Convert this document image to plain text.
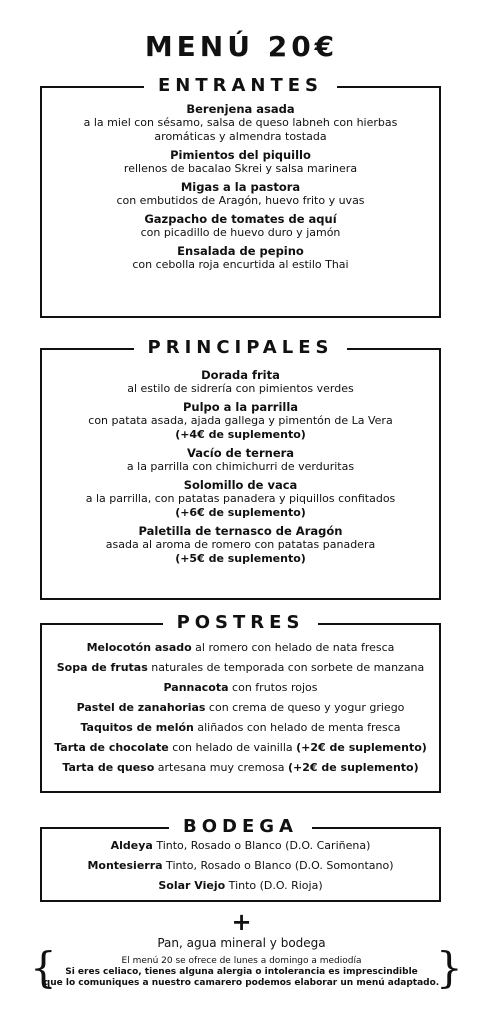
MENÚ 20€
ENTRANTES
Berenjena asada
a la miel con sésamo, salsa de queso labneh con hierbas aromáticas y almendra tostada
Pimientos del piquillo
rellenos de bacalao Skrei y salsa marinera
Migas a la pastora
con embutidos de Aragón, huevo frito y uvas
Gazpacho de tomates de aquí
con picadillo de huevo duro y jamón
Ensalada de pepino
con cebolla roja encurtida al estilo Thai
PRINCIPALES
Dorada frita
al estilo de sidrería con pimientos verdes
Pulpo a la parrilla
con patata asada, ajada gallega y pimentón de La Vera
(+4€ de suplemento)
Vacío de ternera
a la parrilla con chimichurri de verduritas
Solomillo de vaca
a la parrilla, con patatas panadera y piquillos confitados
(+6€ de suplemento)
Paletilla de ternasco de Aragón
asada al aroma de romero con patatas panadera
(+5€ de suplemento)
POSTRES
Melocotón asado al romero con helado de nata fresca
Sopa de frutas naturales de temporada con sorbete de manzana
Pannacota con frutos rojos
Pastel de zanahorias con crema de queso y yogur griego
Taquitos de melón aliñados con helado de menta fresca
Tarta de chocolate con helado de vainilla (+2€ de suplemento)
Tarta de queso artesana muy cremosa (+2€ de suplemento)
BODEGA
Aldeya Tinto, Rosado o Blanco (D.O. Cariñena)
Montesierra Tinto, Rosado o Blanco (D.O. Somontano)
Solar Viejo Tinto (D.O. Rioja)
+
Pan, agua mineral y bodega
{	}
El menú 20 se ofrece de lunes a domingo a mediodía
Si eres celiaco, tienes alguna alergia o intolerancia es imprescindible
que lo comuniques a nuestro camarero podemos elaborar un menú adaptado.
